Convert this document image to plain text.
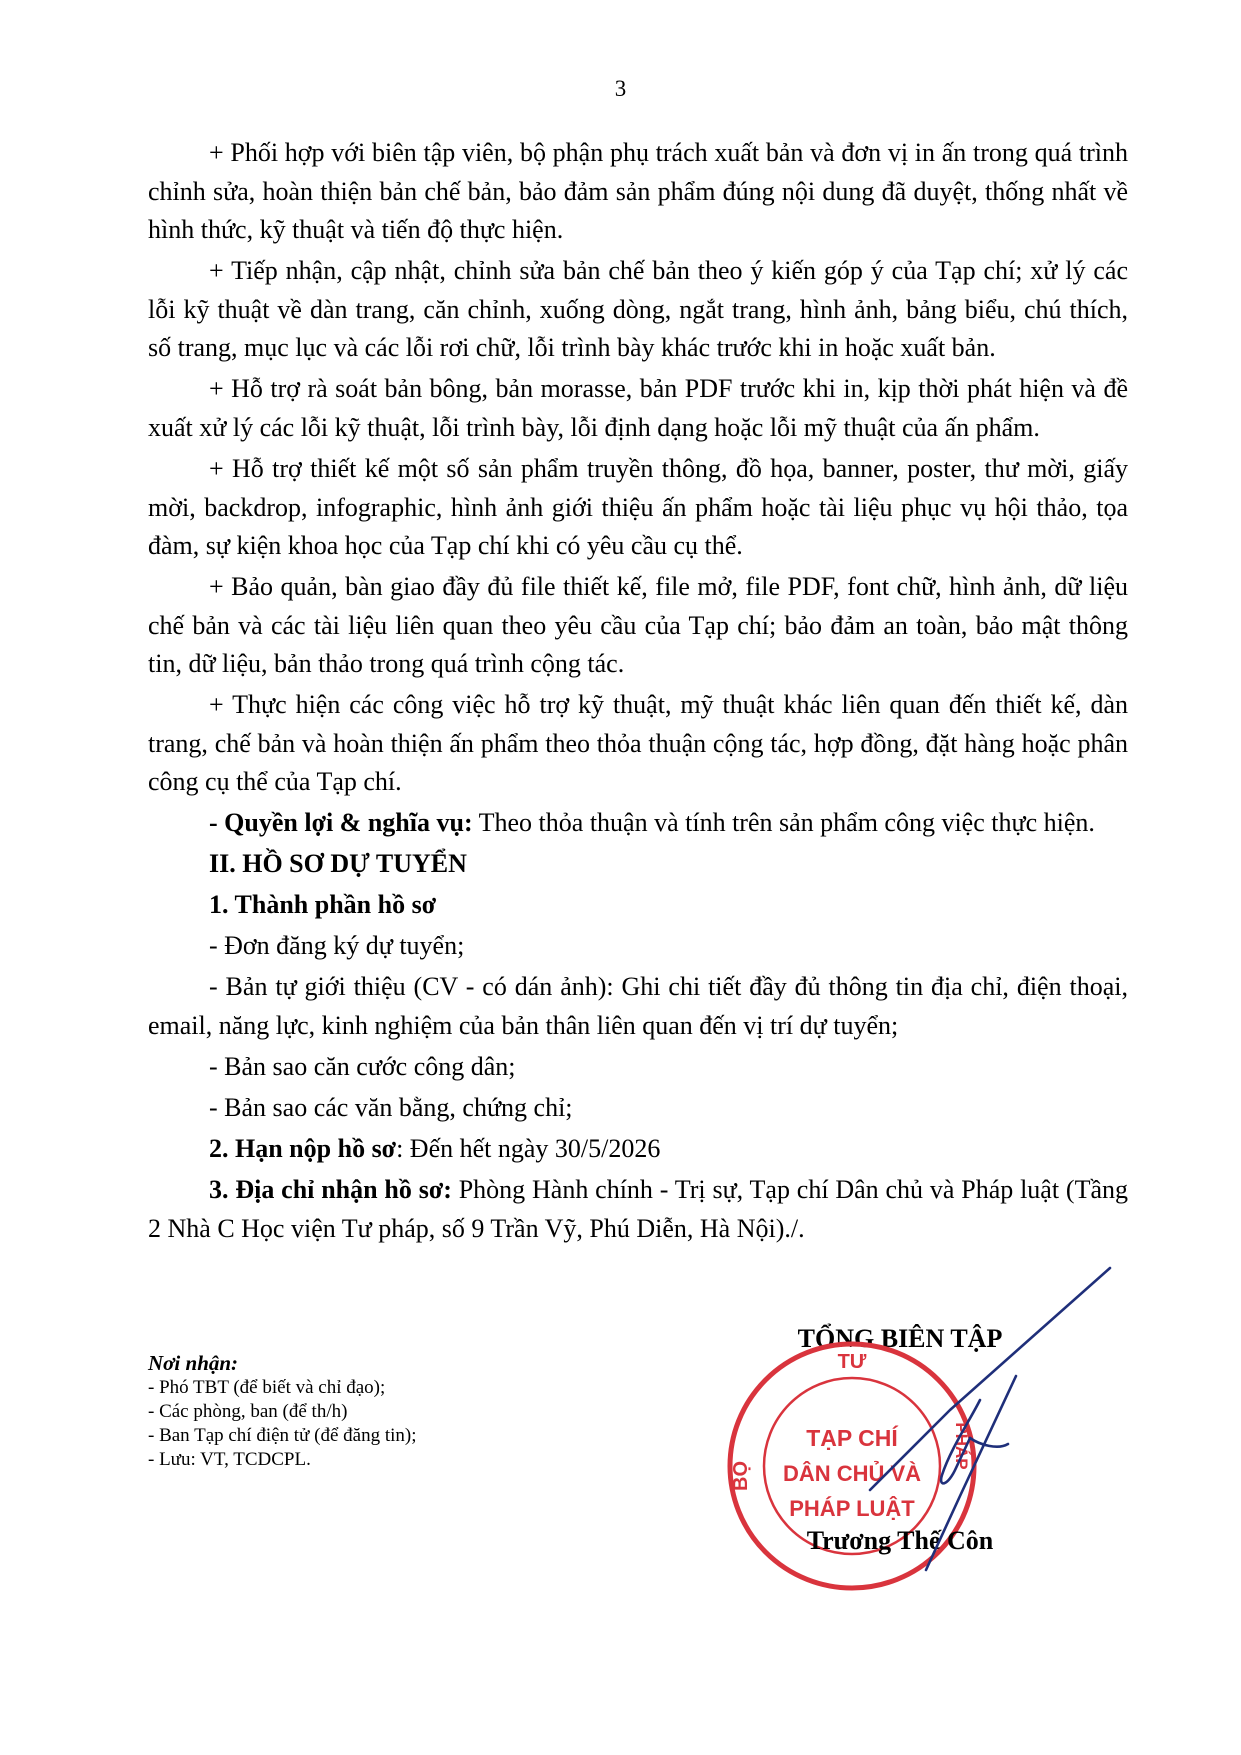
3

+ Phối hợp với biên tập viên, bộ phận phụ trách xuất bản và đơn vị in ấn trong quá trình chỉnh sửa, hoàn thiện bản chế bản, bảo đảm sản phẩm đúng nội dung đã duyệt, thống nhất về hình thức, kỹ thuật và tiến độ thực hiện.

+ Tiếp nhận, cập nhật, chỉnh sửa bản chế bản theo ý kiến góp ý của Tạp chí; xử lý các lỗi kỹ thuật về dàn trang, căn chỉnh, xuống dòng, ngắt trang, hình ảnh, bảng biểu, chú thích, số trang, mục lục và các lỗi rơi chữ, lỗi trình bày khác trước khi in hoặc xuất bản.

+ Hỗ trợ rà soát bản bông, bản morasse, bản PDF trước khi in, kịp thời phát hiện và đề xuất xử lý các lỗi kỹ thuật, lỗi trình bày, lỗi định dạng hoặc lỗi mỹ thuật của ấn phẩm.

+ Hỗ trợ thiết kế một số sản phẩm truyền thông, đồ họa, banner, poster, thư mời, giấy mời, backdrop, infographic, hình ảnh giới thiệu ấn phẩm hoặc tài liệu phục vụ hội thảo, tọa đàm, sự kiện khoa học của Tạp chí khi có yêu cầu cụ thể.

+ Bảo quản, bàn giao đầy đủ file thiết kế, file mở, file PDF, font chữ, hình ảnh, dữ liệu chế bản và các tài liệu liên quan theo yêu cầu của Tạp chí; bảo đảm an toàn, bảo mật thông tin, dữ liệu, bản thảo trong quá trình cộng tác.

+ Thực hiện các công việc hỗ trợ kỹ thuật, mỹ thuật khác liên quan đến thiết kế, dàn trang, chế bản và hoàn thiện ấn phẩm theo thỏa thuận cộng tác, hợp đồng, đặt hàng hoặc phân công cụ thể của Tạp chí.

- Quyền lợi & nghĩa vụ: Theo thỏa thuận và tính trên sản phẩm công việc thực hiện.

II. HỒ SƠ DỰ TUYỂN

1. Thành phần hồ sơ

- Đơn đăng ký dự tuyển;

- Bản tự giới thiệu (CV - có dán ảnh): Ghi chi tiết đầy đủ thông tin địa chỉ, điện thoại, email, năng lực, kinh nghiệm của bản thân liên quan đến vị trí dự tuyển;

- Bản sao căn cước công dân;

- Bản sao các văn bằng, chứng chỉ;

2. Hạn nộp hồ sơ: Đến hết ngày 30/5/2026

3. Địa chỉ nhận hồ sơ: Phòng Hành chính - Trị sự, Tạp chí Dân chủ và Pháp luật (Tầng 2 Nhà C Học viện Tư pháp, số 9 Trần Vỹ, Phú Diễn, Hà Nội)./.

Nơi nhận:

- Phó TBT (để biết và chỉ đạo);

- Các phòng, ban (để th/h)

- Ban Tạp chí điện tử (để đăng tin);

- Lưu: VT, TCDCPL.

TỔNG BIÊN TẬP
TƯ
BỘ
PHÁP
TẠP CHÍ
DÂN CHỦ VÀ
PHÁP LUẬT
Trương Thế Côn
